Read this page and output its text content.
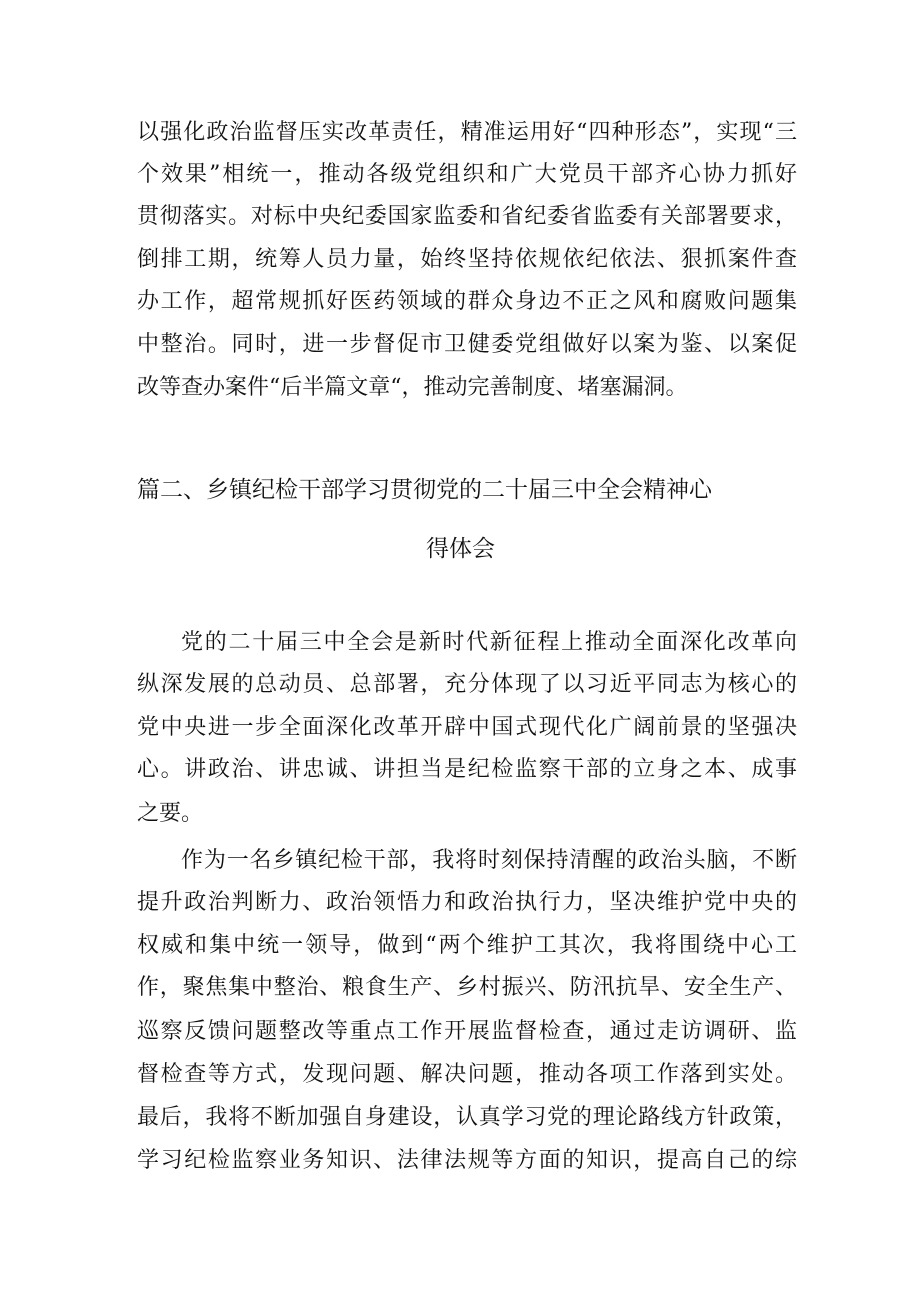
以强化政治监督压实改革责任，精准运用好“四种形态”，实现“三
个效果”相统一，推动各级党组织和广大党员干部齐心协力抓好
贯彻落实。对标中央纪委国家监委和省纪委省监委有关部署要求，
倒排工期，统筹人员力量，始终坚持依规依纪依法、狠抓案件查
办工作，超常规抓好医药领域的群众身边不正之风和腐败问题集
中整治。同时，进一步督促市卫健委党组做好以案为鉴、以案促
改等查办案件“后半篇文章“，推动完善制度、堵塞漏洞。
篇二、乡镇纪检干部学习贯彻党的二十届三中全会精神心
得体会
党的二十届三中全会是新时代新征程上推动全面深化改革向
纵深发展的总动员、总部署，充分体现了以习近平同志为核心的
党中央进一步全面深化改革开辟中国式现代化广阔前景的坚强决
心。讲政治、讲忠诚、讲担当是纪检监察干部的立身之本、成事
之要。
作为一名乡镇纪检干部，我将时刻保持清醒的政治头脑，不断
提升政治判断力、政治领悟力和政治执行力，坚决维护党中央的
权威和集中统一领导，做到“两个维护工其次，我将围绕中心工
作，聚焦集中整治、粮食生产、乡村振兴、防汛抗旱、安全生产、
巡察反馈问题整改等重点工作开展监督检查，通过走访调研、监
督检查等方式，发现问题、解决问题，推动各项工作落到实处。
最后，我将不断加强自身建设，认真学习党的理论路线方针政策，
学习纪检监察业务知识、法律法规等方面的知识，提高自己的综
